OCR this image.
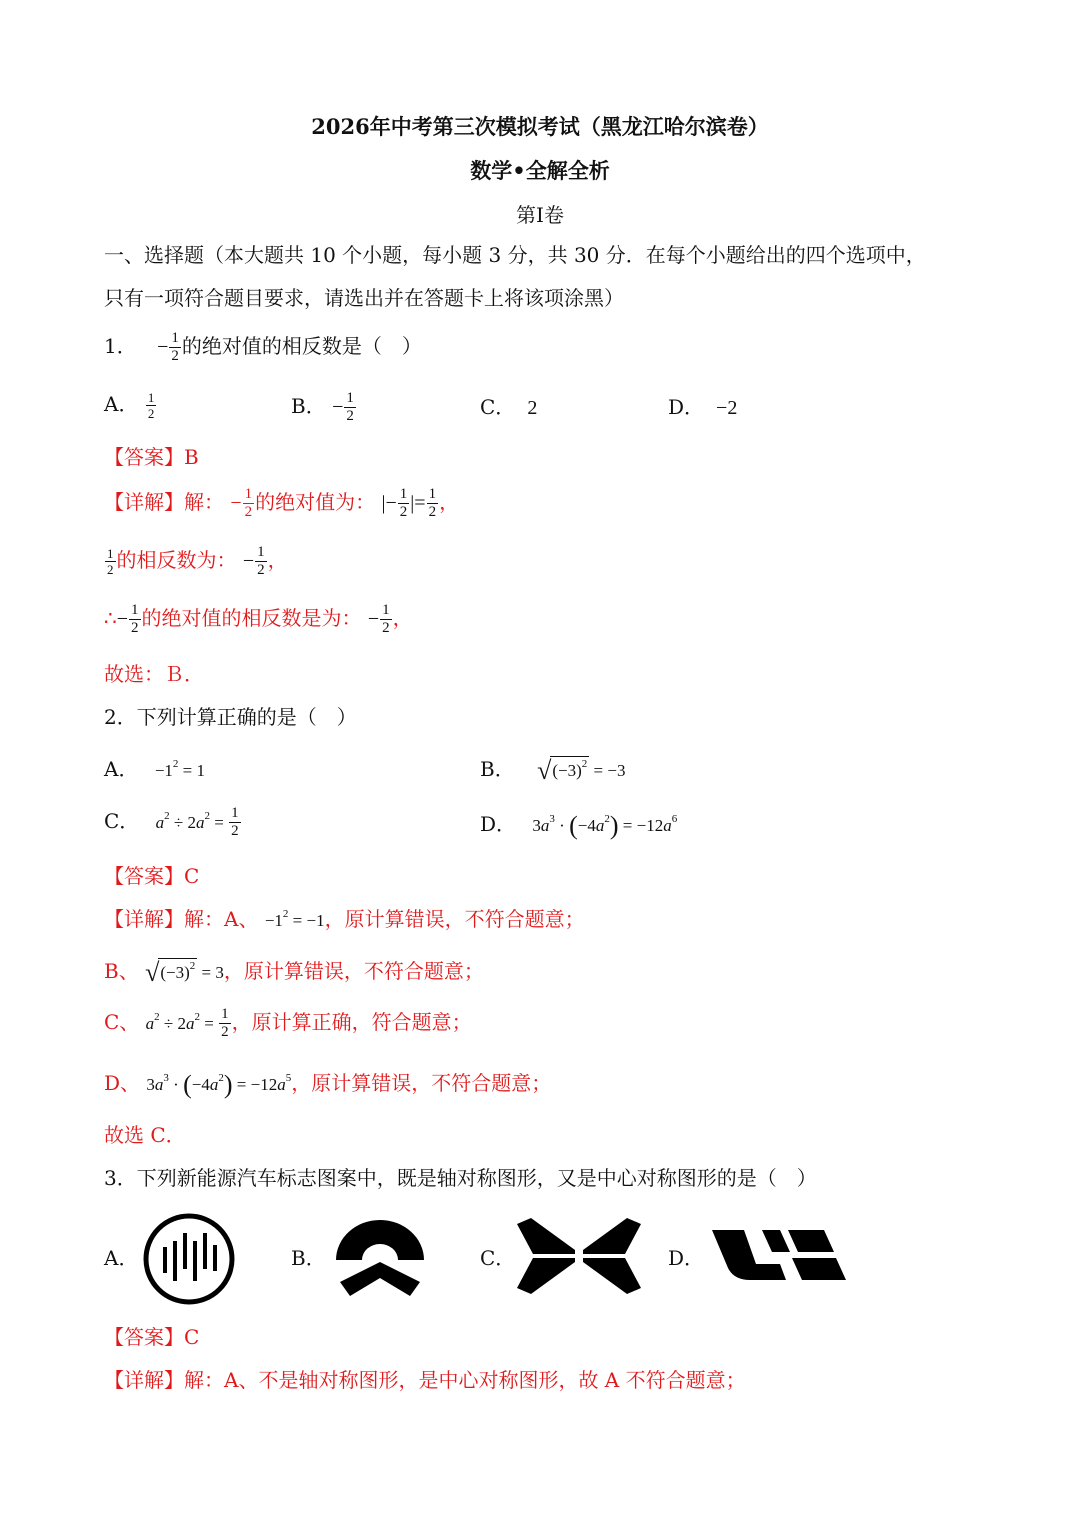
2026年中考第三次模拟考试（黑龙江哈尔滨卷）
数学•全解全析
第Ⅰ卷
一、选择题（本大题共 10 个小题，每小题 3 分，共 30 分．在每个小题给出的四个选项中，
只有一项符合题目要求，请选出并在答题卡上将该项涂黑）
1． − $\frac{1}{2}$ 的绝对值的相反数是（　）
A． $\frac{1}{2}$	B． − $\frac{1}{2}$	C． 2	D． −2
【答案】B
【详解】解： − $\frac{1}{2}$ 的绝对值为： |− $\frac{1}{2}$ |= $\frac{1}{2}$ ，
$\frac{1}{2}$ 的相反数为： − $\frac{1}{2}$ ，
∴− $\frac{1}{2}$ 的绝对值的相反数是为： − $\frac{1}{2}$ ，
故选：Ｂ．
2．下列计算正确的是（　）
A． $-1^2 = 1$	B． $√(-3)^2 = -3$
C． $a^2 \div 2a^2 = \frac{1}{2}$	D． $3a^3 \cdot (-4a^2) = -12a^6$
【答案】C
【详解】解：A、 $-1^2 = -1$，原计算错误，不符合题意；
B、 $√(-3)^2 = 3$，原计算错误，不符合题意；
C、 $a^2 \div 2a^2 = \frac{1}{2}$ ，原计算正确，符合题意；
D、 $3a^3 \cdot (-4a^2) = -12a^5$，原计算错误，不符合题意；
故选 C．
3．下列新能源汽车标志图案中，既是轴对称图形，又是中心对称图形的是（　）
A．	B．	C．	D．
【答案】C
【详解】解：A、不是轴对称图形，是中心对称图形，故 A 不符合题意；
